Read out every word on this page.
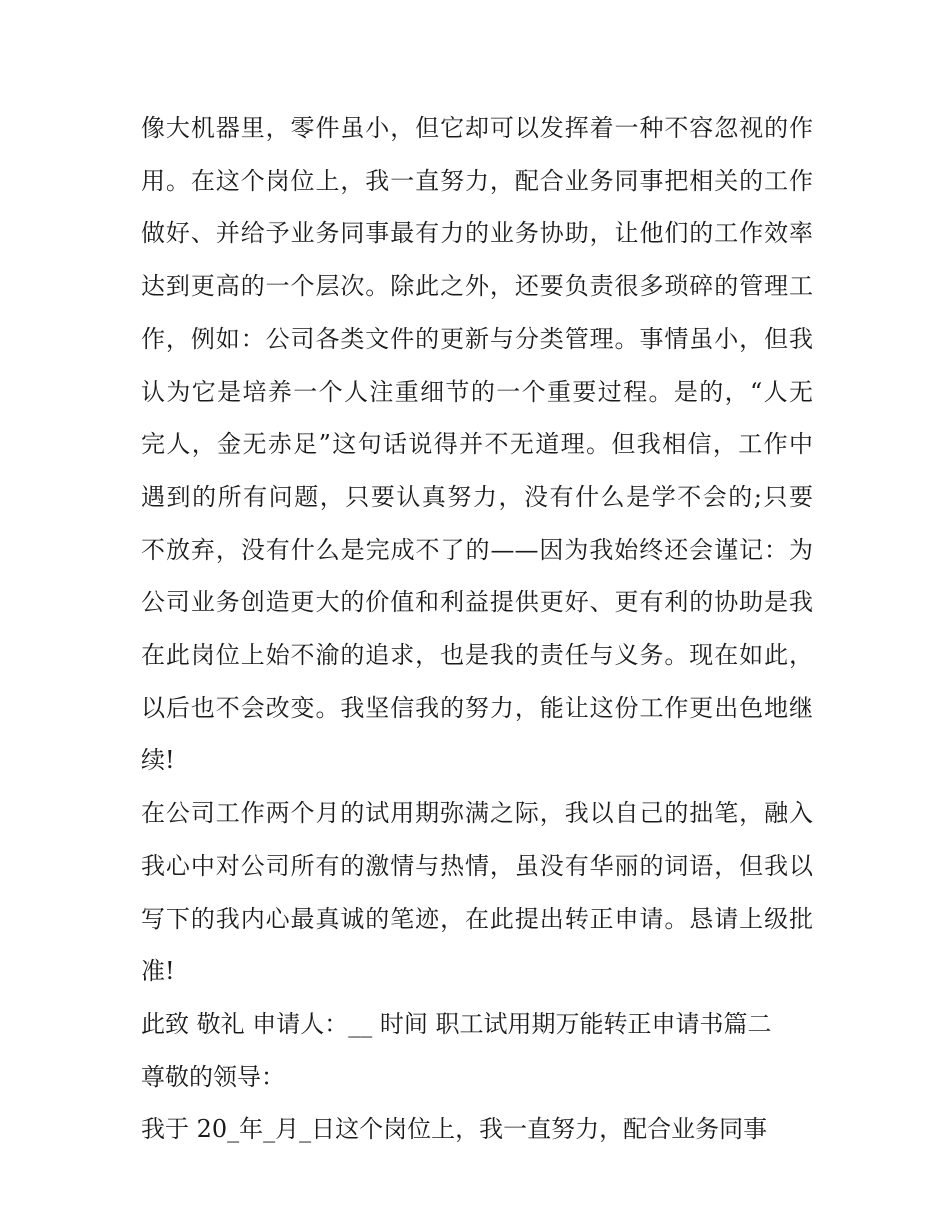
像大机器里，零件虽小，但它却可以发挥着一种不容忽视的作
用。在这个岗位上，我一直努力，配合业务同事把相关的工作
做好、并给予业务同事最有力的业务协助，让他们的工作效率
达到更高的一个层次。除此之外，还要负责很多琐碎的管理工
作，例如：公司各类文件的更新与分类管理。事情虽小，但我
认为它是培养一个人注重细节的一个重要过程。是的，“人无
完人，金无赤足”这句话说得并不无道理。但我相信，工作中
遇到的所有问题，只要认真努力，没有什么是学不会的;只要
不放弃，没有什么是完成不了的——因为我始终还会谨记：为
公司业务创造更大的价值和利益提供更好、更有利的协助是我
在此岗位上始不渝的追求，也是我的责任与义务。现在如此，
以后也不会改变。我坚信我的努力，能让这份工作更出色地继
续!

在公司工作两个月的试用期弥满之际，我以自己的拙笔，融入
我心中对公司所有的激情与热情，虽没有华丽的词语，但我以
写下的我内心最真诚的笔迹，在此提出转正申请。恳请上级批
准!

此致 敬礼 申请人：__ 时间 职工试用期万能转正申请书篇二

尊敬的领导：

我于 20_年_月_日这个岗位上，我一直努力，配合业务同事
